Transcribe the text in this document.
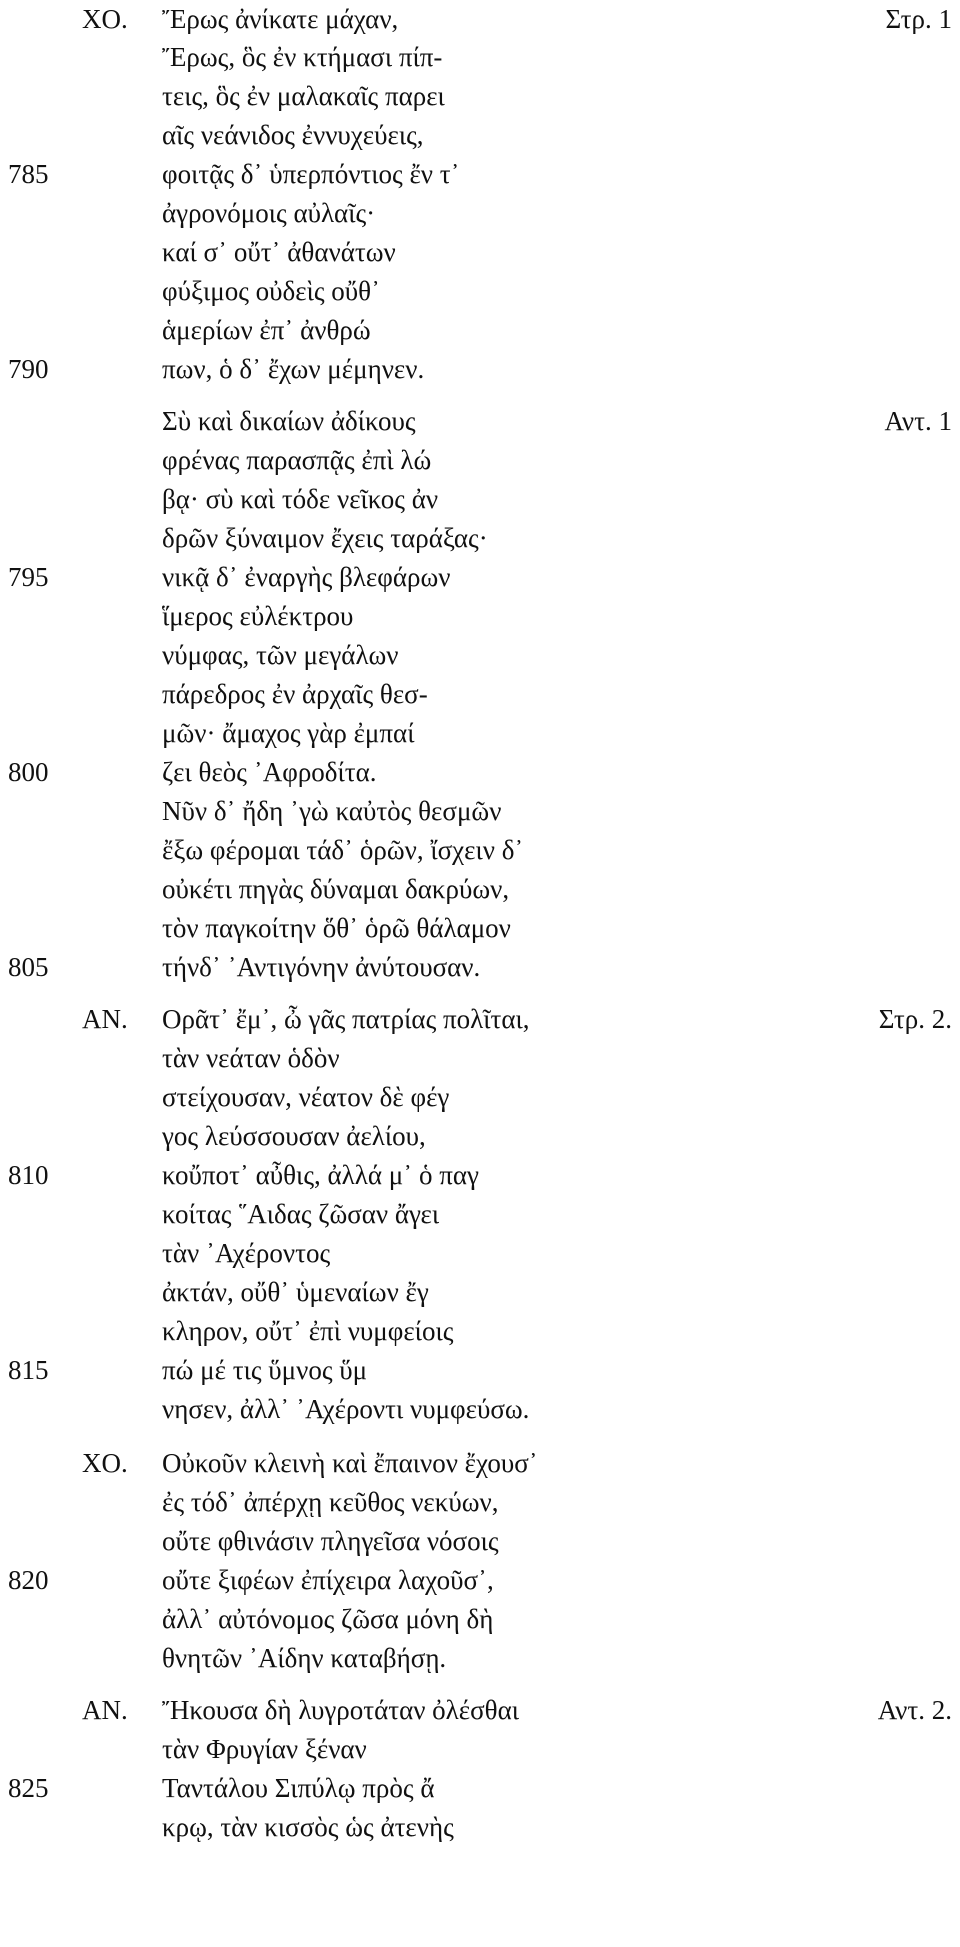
ΧΟ. Ἔρως ἀνίκατε μάχαν,	Στρ. 1
Ἔρως, ὃς ἐν κτήμασι πίπ-
τεις, ὃς ἐν μαλακαῖς παρει
αῖς νεάνιδος ἐννυχεύεις,
785	φοιτᾷς δ᾽ ὑπερπόντιος ἔν τ᾽
ἀγρονόμοις αὐλαῖς·
καί σ᾽ οὔτ᾽ ἀθανάτων
φύξιμος οὐδεὶς οὔθ᾽
ἁμερίων ἐπ᾽ ἀνθρώ
790	πων, ὁ δ᾽ ἔχων μέμηνεν.
Σὺ καὶ δικαίων ἀδίκους	Αντ. 1
φρένας παρασπᾷς ἐπὶ λώ
βᾳ· σὺ καὶ τόδε νεῖκος ἀν
δρῶν ξύναιμον ἔχεις ταράξας·
795	νικᾷ δ᾽ ἐναργὴς βλεφάρων
ἵμερος εὐλέκτρου
νύμφας, τῶν μεγάλων
πάρεδρος ἐν ἀρχαῖς θεσ-
μῶν· ἄμαχος γὰρ ἐμπαί
800	ζει θεὸς ᾿Αφροδίτα.
Νῦν δ᾽ ἤδη ᾽γὼ καὐτὸς θεσμῶν
ἔξω φέρομαι τάδ᾽ ὁρῶν, ἴσχειν δ᾽
οὐκέτι πηγὰς δύναμαι δακρύων,
τὸν παγκοίτην ὅθ᾽ ὁρῶ θάλαμον
805	τήνδ᾽ ᾿Αντιγόνην ἀνύτουσαν.
ΑΝ. Ορᾶτ᾽ ἔμ᾽, ὦ γᾶς πατρίας πολῖται,	Στρ. 2.
τὰν νεάταν ὁδὸν
στείχουσαν, νέατον δὲ φέγ
γος λεύσσουσαν ἀελίου,
810	κοὔποτ᾽ αὖθις, ἀλλά μ᾽ ὁ παγ
κοίτας ῞Αιδας ζῶσαν ἄγει
τὰν ᾿Αχέροντος
ἀκτάν, οὔθ᾽ ὑμεναίων ἔγ
κληρον, οὔτ᾽ ἐπὶ νυμφείοις
815	πώ μέ τις ὕμνος ὕμ
νησεν, ἀλλ᾽ ᾿Αχέροντι νυμφεύσω.
ΧΟ. Οὐκοῦν κλεινὴ καὶ ἔπαινον ἔχουσ᾽
ἐς τόδ᾽ ἀπέρχῃ κεῦθος νεκύων,
οὔτε φθινάσιν πληγεῖσα νόσοις
820	οὔτε ξιφέων ἐπίχειρα λαχοῦσ᾽,
ἀλλ᾽ αὐτόνομος ζῶσα μόνη δὴ
θνητῶν ᾿Αίδην καταβήσῃ.
ΑΝ. Ἤκουσα δὴ λυγροτάταν ὀλέσθαι	Αντ. 2.
τὰν Φρυγίαν ξέναν
825	Ταντάλου Σιπύλῳ πρὸς ἄ
κρῳ, τὰν κισσὸς ὡς ἀτενὴς
